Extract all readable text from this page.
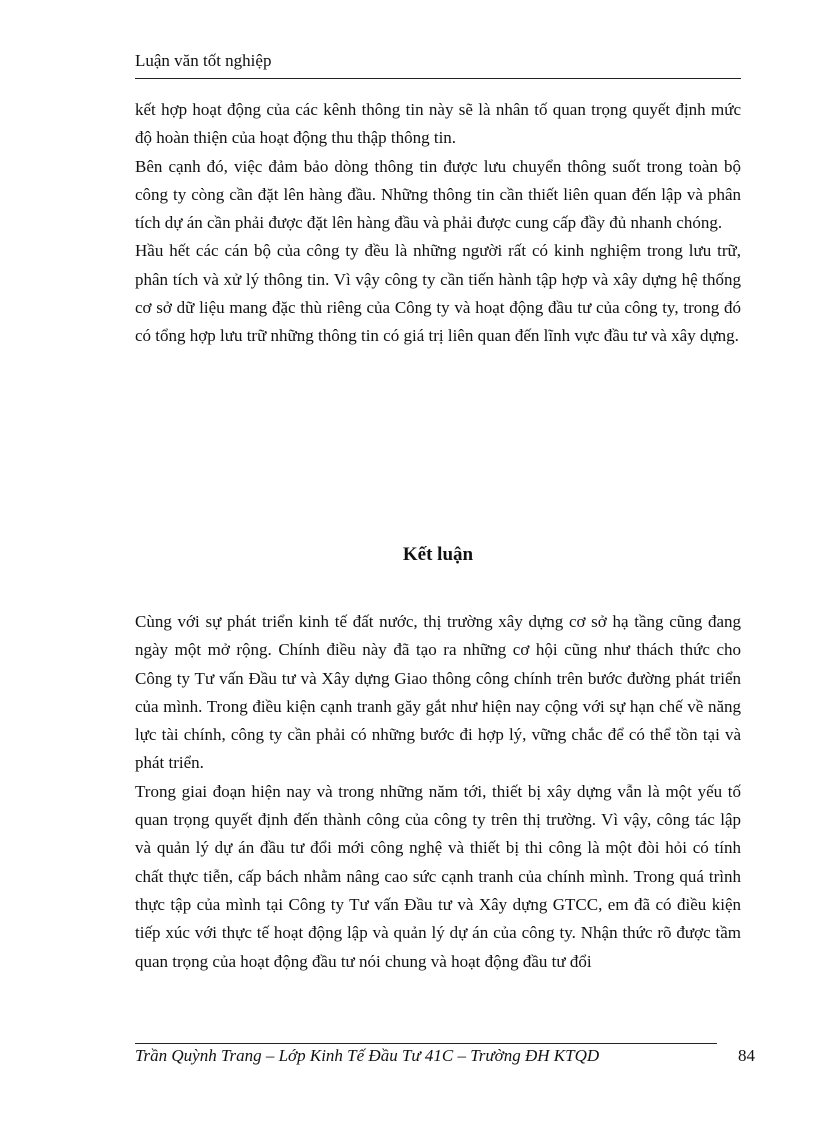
Luận văn tốt nghiệp

kết hợp hoạt động của các kênh thông tin này sẽ là nhân tố quan trọng quyết định mức độ hoàn thiện của hoạt động thu thập thông tin.

Bên cạnh đó, việc đảm bảo dòng thông tin được lưu chuyển thông suốt trong toàn bộ công ty còng cần đặt lên hàng đầu. Những thông tin cần thiết liên quan đến lập và phân tích dự án cần phải được đặt lên hàng đầu và phải được cung cấp đầy đủ nhanh chóng.

Hầu hết các cán bộ của công ty đều là những người rất có kinh nghiệm trong lưu trữ, phân tích và xử lý thông tin. Vì vậy công ty cần tiến hành tập hợp và xây dựng hệ thống cơ sở dữ liệu mang đặc thù riêng của Công ty và hoạt động đầu tư của công ty, trong đó có tổng hợp lưu trữ những thông tin có giá trị liên quan đến lĩnh vực đầu tư và xây dựng.

Kết luận

Cùng với sự phát triển kinh tế đất nước, thị trường xây dựng cơ sở hạ tầng cũng đang ngày một mở rộng. Chính điều này đã tạo ra những cơ hội cũng như thách thức cho Công ty Tư vấn Đầu tư và Xây dựng Giao thông công chính trên bước đường phát triển của mình. Trong điều kiện cạnh tranh găy gắt như hiện nay cộng với sự hạn chế về năng lực tài chính, công ty cần phải có những bước đi hợp lý, vững chắc để có thể tồn tại và phát triển.

Trong giai đoạn hiện nay và trong những năm tới, thiết bị xây dựng vẫn là một yếu tố quan trọng quyết định đến thành công của công ty trên thị trường. Vì vậy, công tác lập và quản lý dự án đầu tư đổi mới công nghệ và thiết bị thi công là một đòi hỏi có tính chất thực tiễn, cấp bách nhằm nâng cao sức cạnh tranh của chính mình. Trong quá trình thực tập của mình tại Công ty Tư vấn Đầu tư và Xây dựng GTCC, em đã có điều kiện tiếp xúc với thực tế hoạt động lập và quản lý dự án của công ty. Nhận thức rõ được tầm quan trọng của hoạt động đầu tư nói chung và hoạt động đầu tư đổi

Trần Quỳnh Trang – Lớp Kinh Tế Đầu Tư 41C – Trường ĐH KTQD	84
